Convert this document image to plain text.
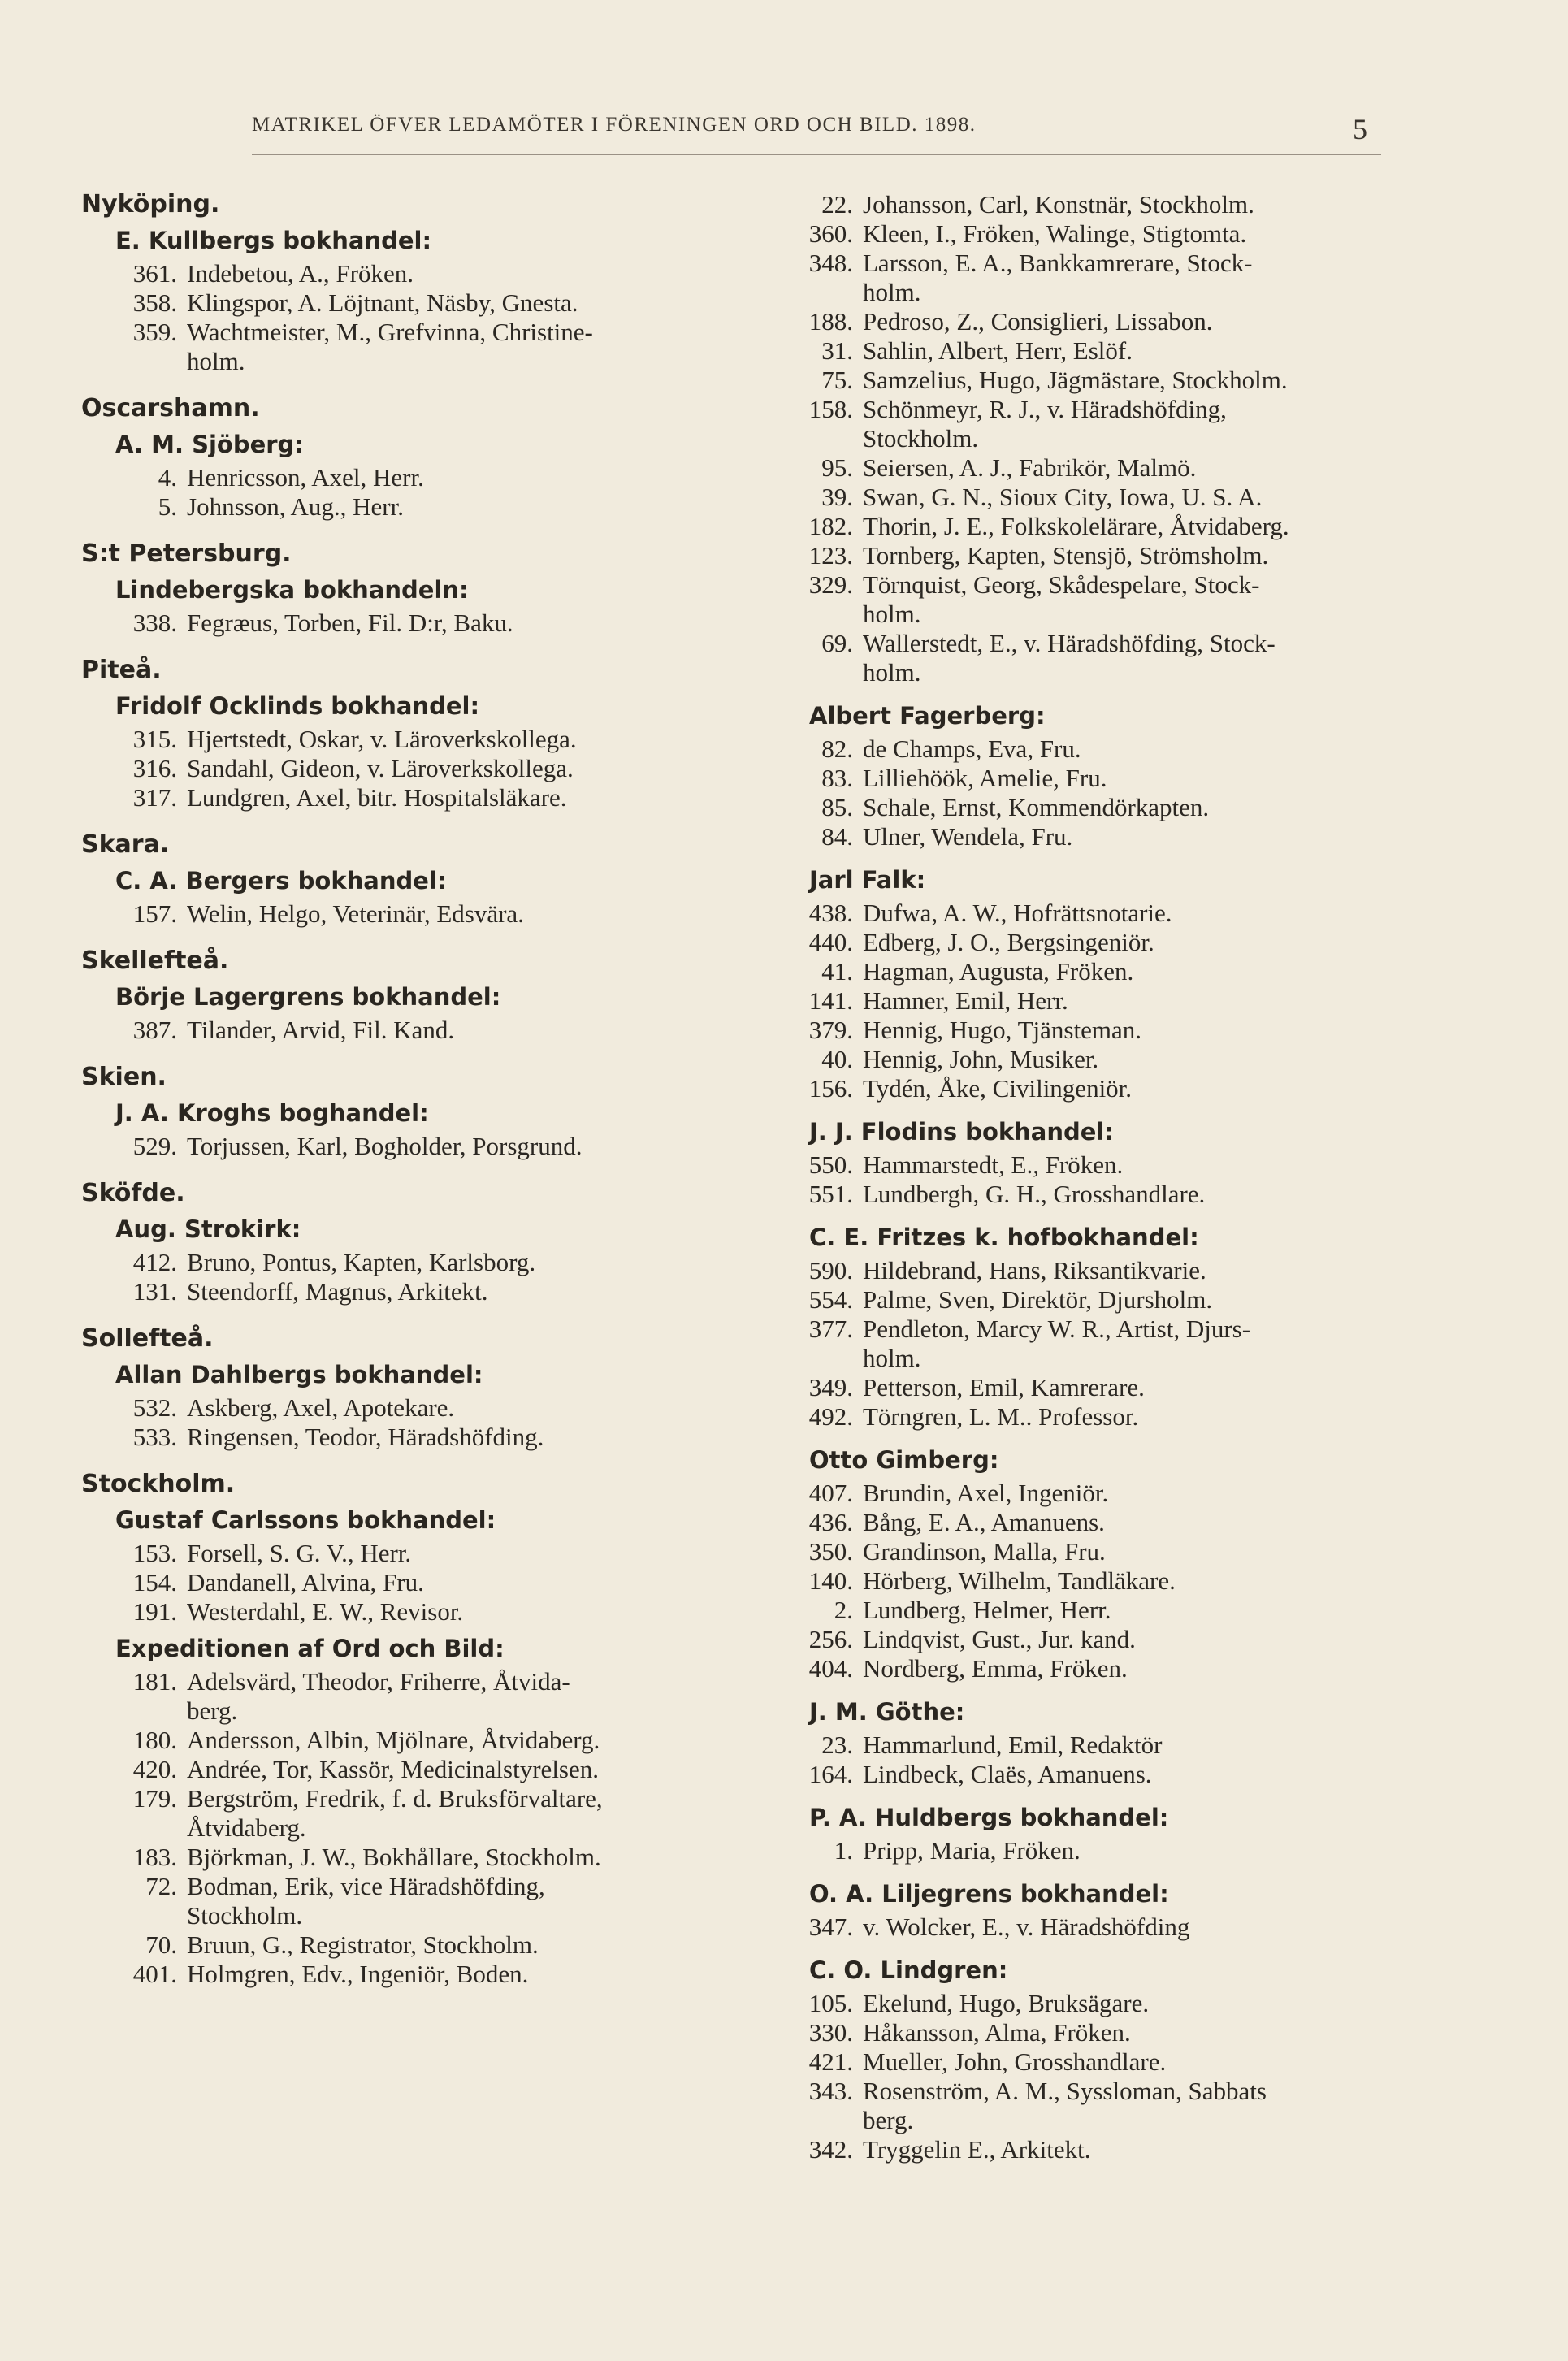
MATRIKEL ÖFVER LEDAMÖTER I FÖRENINGEN ORD OCH BILD. 1898.	5
Nyköping.
E. Kullbergs bokhandel:
361. Indebetou, A., Fröken.
358. Klingspor, A. Löjtnant, Näsby, Gnesta.
359. Wachtmeister, M., Grefvinna, Christine-
holm.
Oscarshamn.
A. M. Sjöberg:
4. Henricsson, Axel, Herr.
5. Johnsson, Aug., Herr.
S:t Petersburg.
Lindebergska bokhandeln:
338. Fegræus, Torben, Fil. D:r, Baku.
Piteå.
Fridolf Ocklinds bokhandel:
315. Hjertstedt, Oskar, v. Läroverkskollega.
316. Sandahl, Gideon, v. Läroverkskollega.
317. Lundgren, Axel, bitr. Hospitalsläkare.
Skara.
C. A. Bergers bokhandel:
157. Welin, Helgo, Veterinär, Edsvära.
Skellefteå.
Börje Lagergrens bokhandel:
387. Tilander, Arvid, Fil. Kand.
Skien.
J. A. Kroghs boghandel:
529. Torjussen, Karl, Bogholder, Porsgrund.
Sköfde.
Aug. Strokirk:
412. Bruno, Pontus, Kapten, Karlsborg.
131. Steendorff, Magnus, Arkitekt.
Sollefteå.
Allan Dahlbergs bokhandel:
532. Askberg, Axel, Apotekare.
533. Ringensen, Teodor, Häradshöfding.
Stockholm.
Gustaf Carlssons bokhandel:
153. Forsell, S. G. V., Herr.
154. Dandanell, Alvina, Fru.
191. Westerdahl, E. W., Revisor.
Expeditionen af Ord och Bild:
181. Adelsvärd, Theodor, Friherre, Åtvida-
berg.
180. Andersson, Albin, Mjölnare, Åtvidaberg.
420. Andrée, Tor, Kassör, Medicinalstyrelsen.
179. Bergström, Fredrik, f. d. Bruksförvaltare,
Åtvidaberg.
183. Björkman, J. W., Bokhållare, Stockholm.
72. Bodman, Erik, vice Häradshöfding,
Stockholm.
70. Bruun, G., Registrator, Stockholm.
401. Holmgren, Edv., Ingeniör, Boden.
22. Johansson, Carl, Konstnär, Stockholm.
360. Kleen, I., Fröken, Walinge, Stigtomta.
348. Larsson, E. A., Bankkamrerare, Stock-
holm.
188. Pedroso, Z., Consiglieri, Lissabon.
31. Sahlin, Albert, Herr, Eslöf.
75. Samzelius, Hugo, Jägmästare, Stockholm.
158. Schönmeyr, R. J., v. Häradshöfding,
Stockholm.
95. Seiersen, A. J., Fabrikör, Malmö.
39. Swan, G. N., Sioux City, Iowa, U. S. A.
182. Thorin, J. E., Folkskolelärare, Åtvidaberg.
123. Tornberg, Kapten, Stensjö, Strömsholm.
329. Törnquist, Georg, Skådespelare, Stock-
holm.
69. Wallerstedt, E., v. Häradshöfding, Stock-
holm.
Albert Fagerberg:
82. de Champs, Eva, Fru.
83. Lilliehöök, Amelie, Fru.
85. Schale, Ernst, Kommendörkapten.
84. Ulner, Wendela, Fru.
Jarl Falk:
438. Dufwa, A. W., Hofrättsnotarie.
440. Edberg, J. O., Bergsingeniör.
41. Hagman, Augusta, Fröken.
141. Hamner, Emil, Herr.
379. Hennig, Hugo, Tjänsteman.
40. Hennig, John, Musiker.
156. Tydén, Åke, Civilingeniör.
J. J. Flodins bokhandel:
550. Hammarstedt, E., Fröken.
551. Lundbergh, G. H., Grosshandlare.
C. E. Fritzes k. hofbokhandel:
590. Hildebrand, Hans, Riksantikvarie.
554. Palme, Sven, Direktör, Djursholm.
377. Pendleton, Marcy W. R., Artist, Djurs-
holm.
349. Petterson, Emil, Kamrerare.
492. Törngren, L. M.. Professor.
Otto Gimberg:
407. Brundin, Axel, Ingeniör.
436. Bång, E. A., Amanuens.
350. Grandinson, Malla, Fru.
140. Hörberg, Wilhelm, Tandläkare.
2. Lundberg, Helmer, Herr.
256. Lindqvist, Gust., Jur. kand.
404. Nordberg, Emma, Fröken.
J. M. Göthe:
23. Hammarlund, Emil, Redaktör
164. Lindbeck, Claës, Amanuens.
P. A. Huldbergs bokhandel:
1. Pripp, Maria, Fröken.
O. A. Liljegrens bokhandel:
347. v. Wolcker, E., v. Häradshöfding
C. O. Lindgren:
105. Ekelund, Hugo, Bruksägare.
330. Håkansson, Alma, Fröken.
421. Mueller, John, Grosshandlare.
343. Rosenström, A. M., Syssloman, Sabbats
berg.
342. Tryggelin E., Arkitekt.
